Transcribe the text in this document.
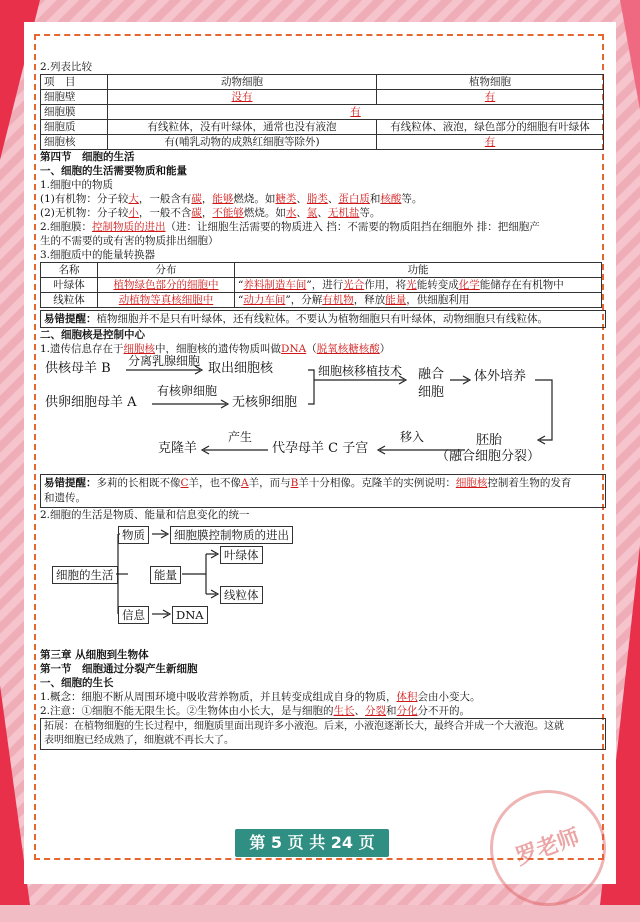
2.列表比较
项　目	动物细胞	植物细胞
细胞壁	没有	有
细胞膜	有	
细胞质	有线粒体，没有叶绿体，通常也没有液泡	有线粒体、液泡，绿色部分的细胞有叶绿体
细胞核	有(哺乳动物的成熟红细胞等除外)	有
第四节　细胞的生活
一、细胞的生活需要物质和能量
1.细胞中的物质
(1)有机物：分子较大，一般含有碳，能够燃烧。如糖类、脂类、蛋白质和核酸等。
(2)无机物：分子较小，一般不含碳，不能够燃烧。如水、氮、无机盐等。
2.细胞膜：控制物质的进出（进：让细胞生活需要的物质进入 挡：不需要的物质阻挡在细胞外 排：把细胞产
生的不需要的或有害的物质排出细胞）
3.细胞质中的能量转换器
名称	分布	功能
叶绿体	植物绿色部分的细胞中	“养料制造车间”，进行光合作用，将光能转变成化学能储存在有机物中
线粒体	动植物等真核细胞中	“动力车间”，分解有机物，释放能量，供细胞利用
易错提醒：植物细胞并不是只有叶绿体，还有线粒体。不要认为植物细胞只有叶绿体，动物细胞只有线粒体。
二、细胞核是控制中心
1.遗传信息存在于细胞核中，细胞核的遗传物质叫做DNA（脱氧核糖核酸）
供核母羊 B 分离乳腺细胞 取出细胞核
供卵细胞母羊 A
有核卵细胞
无核卵细胞
细胞核移植技术 融合细胞
体外培养
胚胎
（融合细胞分裂）
移入
代孕母羊 C 子宫
产生
克隆羊
易错提醒：多莉的长相既不像C羊，也不像A羊，而与B羊十分相像。克隆羊的实例说明：细胞核控制着生物的发育
和遗传。
2.细胞的生活是物质、能量和信息变化的统一
物质	细胞膜控制物质的进出
细胞的生活	能量
叶绿体
线粒体
信息	DNA
第三章 从细胞到生物体
第一节　细胞通过分裂产生新细胞
一、细胞的生长
1.概念：细胞不断从周围环境中吸收营养物质，并且转变成组成自身的物质，体积会由小变大。
2.注意：①细胞不能无限生长。②生物体由小长大，是与细胞的生长、分裂和分化分不开的。
拓展：在植物细胞的生长过程中，细胞质里面出现许多小液泡。后来，小液泡逐渐长大，最终合并成一个大液泡。这就
表明细胞已经成熟了，细胞就不再长大了。
罗老师
第 5 页 共 24 页
